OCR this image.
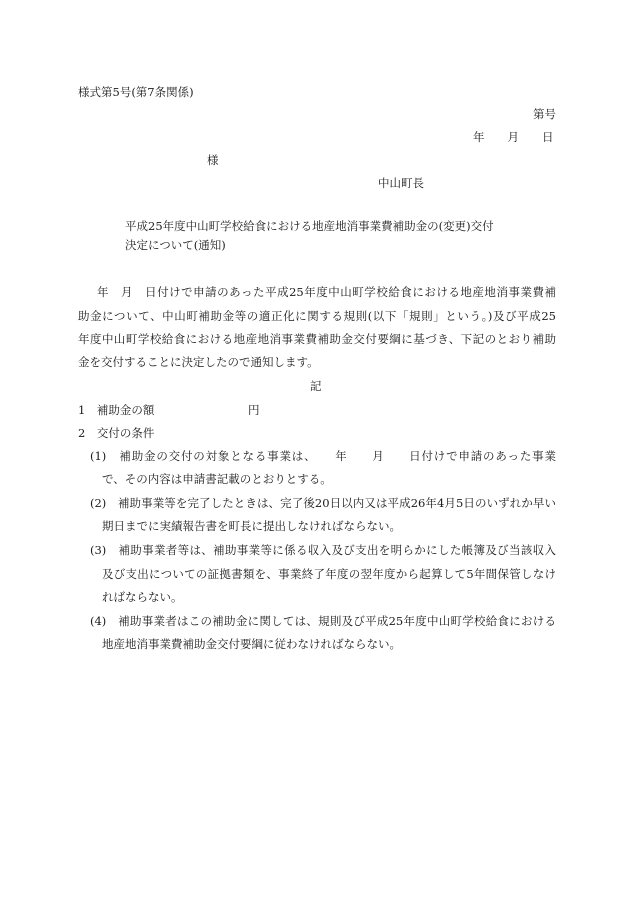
様式第5号(第7条関係)
第号
年　　月　　日
様
中山町長
平成25年度中山町学校給食における地産地消事業費補助金の(変更)交付
決定について(通知)
年　月　日付けで申請のあった平成25年度中山町学校給食における地産地消事業費補
助金について、中山町補助金等の適正化に関する規則(以下「規則」という。)及び平成25
年度中山町学校給食における地産地消事業費補助金交付要綱に基づき、下記のとおり補助
金を交付することに決定したので通知します。
記
1　補助金の額	円
2　交付の条件
(1)　補助金の交付の対象となる事業は、　　年　　月　　日付けで申請のあった事業
で、その内容は申請書記載のとおりとする。
(2)　補助事業等を完了したときは、完了後20日以内又は平成26年4月5日のいずれか早い
期日までに実績報告書を町長に提出しなければならない。
(3)　補助事業者等は、補助事業等に係る収入及び支出を明らかにした帳簿及び当該収入
及び支出についての証拠書類を、事業終了年度の翌年度から起算して5年間保管しなけ
ればならない。
(4)　補助事業者はこの補助金に関しては、規則及び平成25年度中山町学校給食における
地産地消事業費補助金交付要綱に従わなければならない。
